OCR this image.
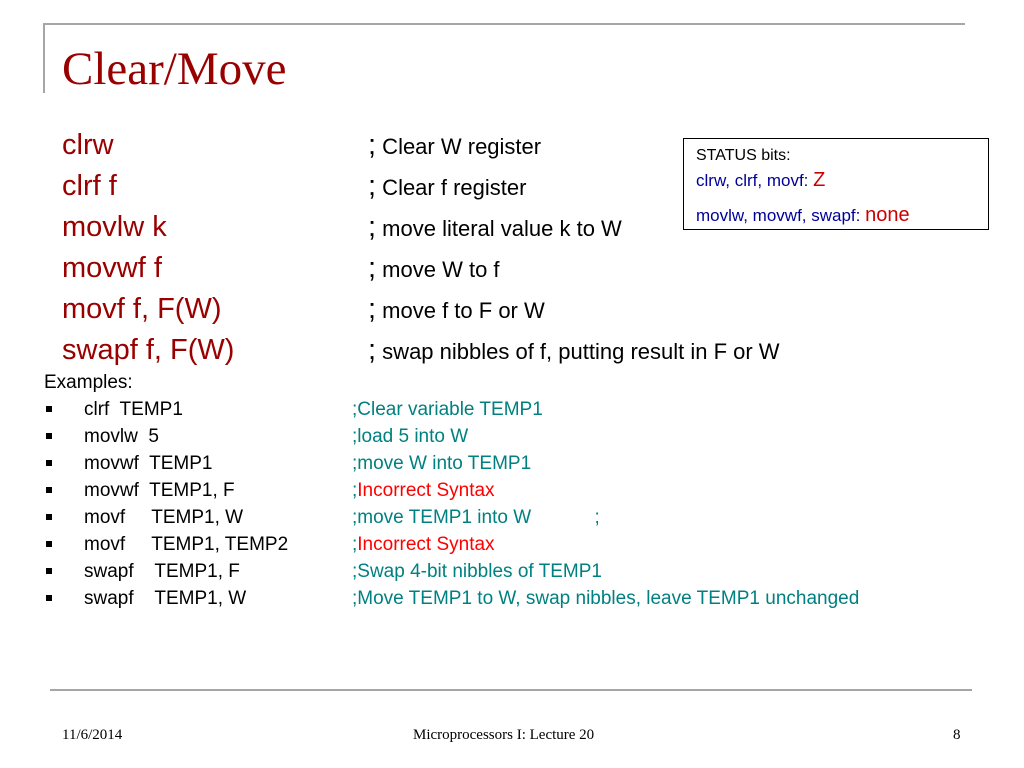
Clear/Move
clrw	; Clear W register
clrf f	; Clear f register
movlw k	; move literal value k to W
movwf f	; move W to f
movf f, F(W)	; move f to F or W
swapf f, F(W)	; swap nibbles of f, putting result in F or W
STATUS bits:
clrw, clrf, movf: Z
movlw, movwf, swapf: none
Examples:
clrf  TEMP1	;Clear variable TEMP1
movlw  5	;load 5 into W
movwf  TEMP1	;move W into TEMP1
movwf  TEMP1, F	;Incorrect Syntax
movf     TEMP1, W	;move TEMP1 into W            ;
movf     TEMP1, TEMP2	;Incorrect Syntax
swapf    TEMP1, F	;Swap 4-bit nibbles of TEMP1
swapf    TEMP1, W	;Move TEMP1 to W, swap nibbles, leave TEMP1 unchanged
11/6/2014	Microprocessors I: Lecture 20	8
